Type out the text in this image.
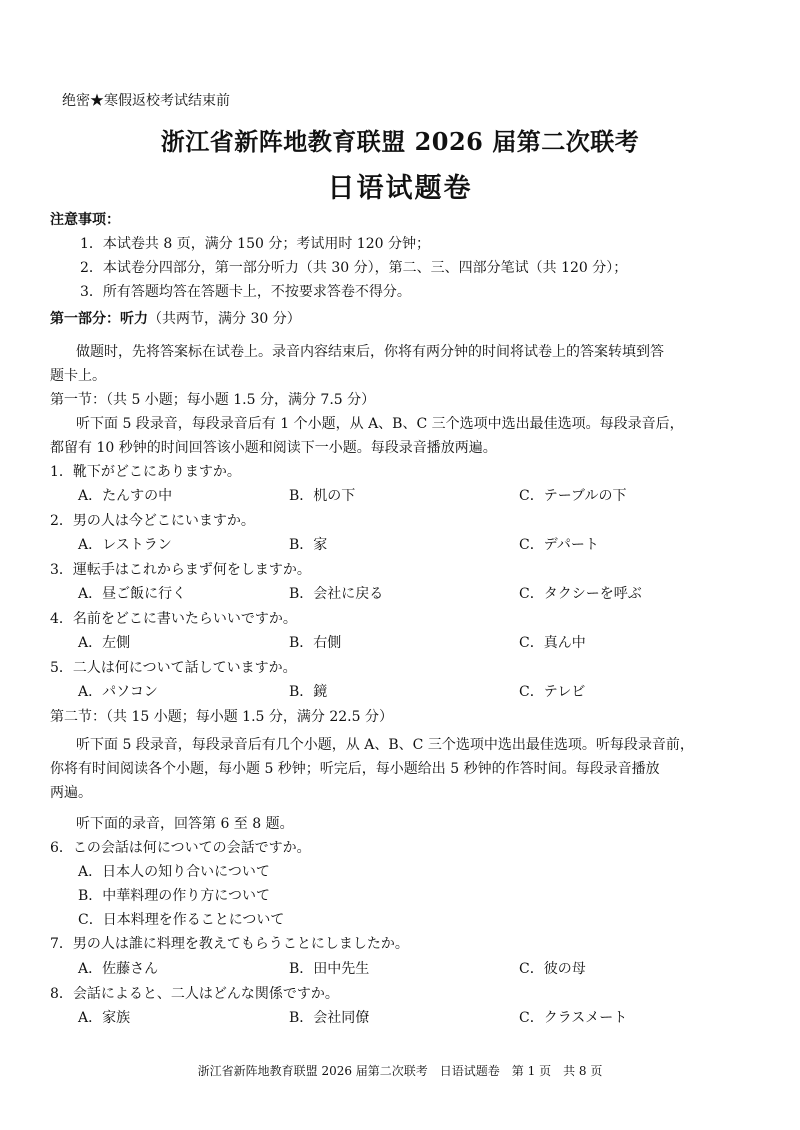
绝密★寒假返校考试结束前
浙江省新阵地教育联盟 2026 届第二次联考
日语试题卷
注意事项：
1．本试卷共 8 页，满分 150 分；考试用时 120 分钟；
2．本试卷分四部分，第一部分听力（共 30 分），第二、三、四部分笔试（共 120 分）；
3．所有答题均答在答题卡上，不按要求答卷不得分。
第一部分：听力（共两节，满分 30 分）
做题时，先将答案标在试卷上。录音内容结束后，你将有两分钟的时间将试卷上的答案转填到答
题卡上。
第一节：（共 5 小题；每小题 1.5 分，满分 7.5 分）
听下面 5 段录音，每段录音后有 1 个小题，从 A、B、C 三个选项中选出最佳选项。每段录音后，
都留有 10 秒钟的时间回答该小题和阅读下一小题。每段录音播放两遍。
1．靴下がどこにありますか。
A．たんすの中	B．机の下	C．テーブルの下
2．男の人は今どこにいますか。
A．レストラン	B．家	C．デパート
3．運転手はこれからまず何をしますか。
A．昼ご飯に行く	B．会社に戻る	C．タクシーを呼ぶ
4．名前をどこに書いたらいいですか。
A．左側	B．右側	C．真ん中
5．二人は何について話していますか。
A．パソコン	B．鏡	C．テレビ
第二节：（共 15 小题；每小题 1.5 分，满分 22.5 分）
听下面 5 段录音，每段录音后有几个小题，从 A、B、C 三个选项中选出最佳选项。听每段录音前，
你将有时间阅读各个小题，每小题 5 秒钟；听完后，每小题给出 5 秒钟的作答时间。每段录音播放
两遍。
听下面的录音，回答第 6 至 8 题。
6．この会話は何についての会話ですか。
A．日本人の知り合いについて
B．中華料理の作り方について
C．日本料理を作ることについて
7．男の人は誰に料理を教えてもらうことにしましたか。
A．佐藤さん	B．田中先生	C．彼の母
8．会話によると、二人はどんな関係ですか。
A．家族	B．会社同僚	C．クラスメート
浙江省新阵地教育联盟 2026 届第二次联考　日语试题卷　第 1 页　共 8 页
